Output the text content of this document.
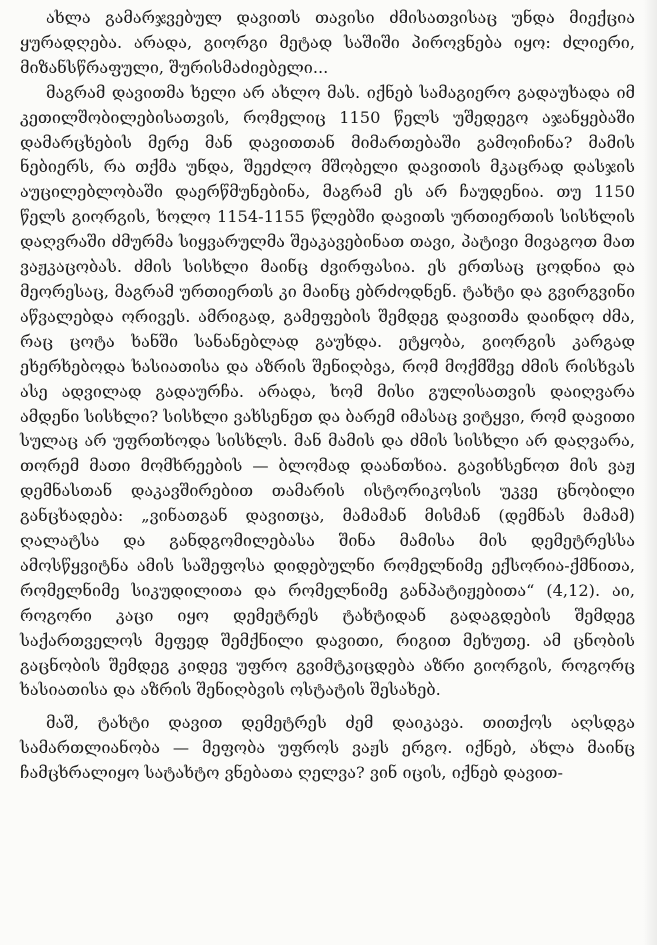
ახლა გამარჯვებულ დავითს თავისი ძმისათვისაც უნდა მიექცია ყურადღება. არადა, გიორგი მეტად საშიში პიროვნება იყო: ძლიერი, მიზანსწრაფული, შურისმაძიებელი...

მაგრამ დავითმა ხელი არ ახლო მას. იქნებ სამაგიერო გადაუხადა იმ კეთილშობილებისათვის, რომელიც 1150 წელს უშედეგო აჯანყებაში დამარცხების მერე მან დავითთან მიმართებაში გამოიჩინა? მამის ნებიერს, რა თქმა უნდა, შეეძლო მშობელი დავითის მკაცრად დასჯის აუცილებლობაში დაერწმუნებინა, მაგრამ ეს არ ჩაუდენია. თუ 1150 წელს გიორგის, ხოლო 1154-1155 წლებში დავითს ურთიერთის სისხლის დაღვრაში ძმურმა სიყვარულმა შეაკავებინათ თავი, პატივი მივაგოთ მათ ვაჟკაცობას. ძმის სისხლი მაინც ძვირფასია. ეს ერთსაც ცოდნია და მეორესაც, მაგრამ ურთიერთს კი მაინც ებრძოდნენ. ტახტი და გვირგვინი აწვალებდა ორივეს. ამრიგად, გამეფების შემდეგ დავითმა დაინდო ძმა, რაც ცოტა ხანში სანანებლად გაუხდა. ეტყობა, გიორგის კარგად ეხერხებოდა ხასიათისა და აზრის შენიღბვა, რომ მოქმშვე ძმის რისხვას ასე ადვილად გადაურჩა. არადა, ხომ მისი გულისათვის დაიღვარა ამდენი სისხლი? სისხლი ვახსენეთ და ბარემ იმასაც ვიტყვი, რომ დავითი სულაც არ უფრთხოდა სისხლს. მან მამის და ძმის სისხლი არ დაღვარა, თორემ მათი მომხრეების — ბლომად დაანთხია. გავიხსენოთ მის ვაჟ დემნასთან დაკავშირებით თამარის ისტორიკოსის უკვე ცნობილი განცხადება: „ვინათგან დავითცა, მამამან მისმან (დემნას მამამ) ღალატსა და განდგომილებასა შინა მამისა მის დემეტრესსა ამოსწყვიტნა ამის საშეფოსა დიდებულნი რომელნიმე ექსორია-ქმნითა, რომელნიმე სიკუდილითა და რომელნიმე განპატიჟებითა“ (4,12). აი, როგორი კაცი იყო დემეტრეს ტახტიდან გადაგდების შემდეგ საქართველოს მეფედ შემქნილი დავითი, რიგით მეხუთე. ამ ცნობის გაცნობის შემდეგ კიდევ უფრო გვიმტკიცდება აზრი გიორგის, როგორც ხასიათისა და აზრის შენიღბვის ოსტატის შესახებ.

მაშ, ტახტი დავით დემეტრეს ძემ დაიკავა. თითქოს აღსდგა სამართლიანობა — მეფობა უფროს ვაჟს ერგო. იქნებ, ახლა მაინც ჩამცხრალიყო სატახტო ვნებათა ღელვა? ვინ იცის, იქნებ დავით-
